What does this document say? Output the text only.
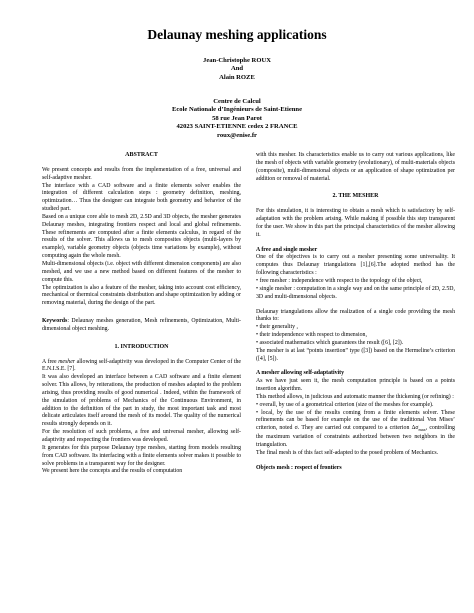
Delaunay meshing applications
Jean-Christophe ROUX
And
Alain ROZE
Centre de Calcul
Ecole Nationale d’Ingénieurs de Saint-Etienne
58 rue Jean Parot
42023 SAINT-ETIENNE cedex 2 FRANCE
roux@enise.fr

ABSTRACT

We present concepts and results from the implementation of a free, universal and self-adaptive mesher.

The interface with a CAD software and a finite elements solver enables the integration of different calculation steps : geometry definition, meshing, optimization… Thus the designer can integrate both geometry and behavior of the studied part.

Based on a unique core able to mesh 2D, 2.5D and 3D objects, the mesher generates Delaunay meshes, integrating frontiers respect and local and global refinements. These refinements are computed after a finite elements calculus, in regard of the results of the solver. This allows us to mesh composites objects (multi-layers by example), variable geometry objects (objects time variations by example), without computing again the whole mesh.

Multi-dimensional objects (i.e. object with different dimension components) are also meshed, and we use a new method based on different features of the mesher to compute this.

The optimization is also a feature of the mesher, taking into account cost efficiency, mechanical or thermical constraints distribution and shape optimization by adding or removing material, during the design of the part.

Keywords: Delaunay meshes generation, Mesh refinements, Optimization, Multi-dimensional object meshing.

1. INTRODUCTION

A free mesher allowing self-adaptivity was developed in the Computer Center of the E.N.I.S.E. [7].

It was also developed an interface between a CAD software and a finite element solver. This allows, by reiterations, the production of meshes adapted to the problem arising, thus providing results of good numerical . Indeed, within the framework of the simulation of problems of Mechanics of the Continuous Environment, in addition to the definition of the part in study, the most important task and most delicate articulates itself around the mesh of its model. The quality of the numerical results strongly depends on it.

For the resolution of such problems, a free and universal mesher, allowing self-adaptivity and respecting the frontiers was developed.

It generates for this purpose Delaunay type meshes, starting from models resulting from CAD software. Its interfacing with a finite elements solver makes it possible to solve problems in a transparent way for the designer.

We present here the concepts and the results of computation

with this mesher. Its characteristics enable us to carry out various applications, like the mesh of objects with variable geometry (evolutionary), of multi-materials objects (composite), multi-dimensional objects or an application of shape optimization per addition or removal of material.

2. THE MESHER

For this simulation, it is interesting to obtain a mesh which is satisfactory by self-adaptation with the problem arising. While making if possible this step transparent for the user. We show in this part the principal characteristics of the mesher allowing it.

A free and single mesher

One of the objectives is to carry out a mesher presenting some universality. It computes thus Delaunay triangulations [1],[6].The adopted method has the following characteristics :

• free mesher : independence with respect to the topology of the object,

• single mesher : computation in a single way and on the same principle of 2D, 2.5D, 3D and multi-dimensional objects.

Delaunay triangulations allow the realization of a single code providing the mesh thanks to:

• their generality ,

• their independence with respect to dimension,

• associated mathematics which guarantees the result ([6], [2]).

The mesher is at last “points insertion” type ([3]) based on the Hermeline’s criterion ([4], [5]).

A mesher allowing self-adaptativity

As we have just seen it, the mesh computation principle is based on a points insertion algorithm.

This method allows, in judicious and automatic manner the thickening (or refining) :

• overall, by use of a geometrical criterion (size of the meshes for example).

• local, by the use of the results coming from a finite elements solver. These refinements can be based for example on the use of the traditional Von Mises’ criterion, noted σ. They are carried out compared to a criterion $\Delta\sigma_{max}$, controlling the maximum variation of constraints authorized between two neighbors in the triangulation.

The final mesh is of this fact self-adapted to the posed problem of Mechanics.

Objects mesh : respect of frontiers
